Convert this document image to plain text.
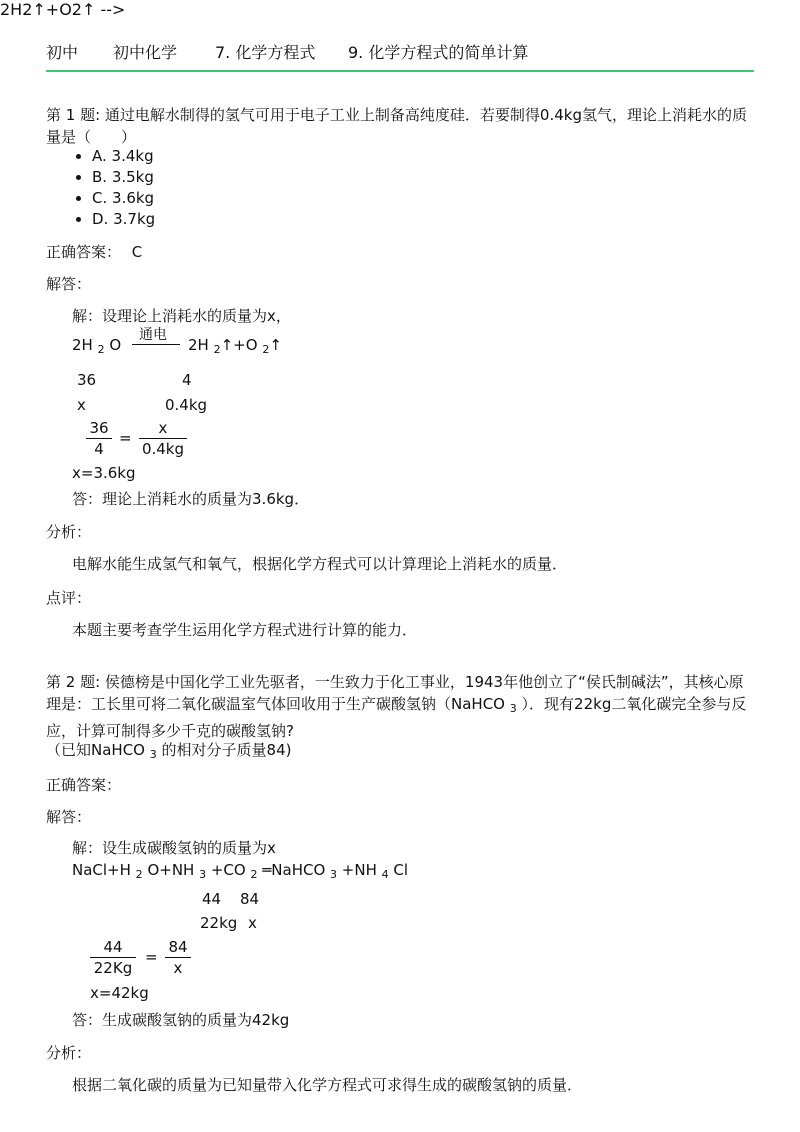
初中 初中化学 7. 化学方程式 9. 化学方程式的简单计算
第 1 题: 通过电解水制得的氢气可用于电子工业上制备高纯度硅．若要制得0.4kg氢气，理论上消耗水的质量是（　　）
• A. 3.4kg
• B. 3.5kg
• C. 3.6kg
• D. 3.7kg
正确答案： C
解答：
解：设理论上消耗水的质量为x，
2H2↑+O2↑ -->
2H $_2$ O
通电
2H $_2$↑+O $_2$↑
36	4
x	0.4kg
$\frac{36}{4} = \frac{x}{0.4kg}$
x=3.6kg
答：理论上消耗水的质量为3.6kg．
分析：
电解水能生成氢气和氧气，根据化学方程式可以计算理论上消耗水的质量．
点评：
本题主要考查学生运用化学方程式进行计算的能力．
第 2 题: 侯德榜是中国化学工业先驱者，一生致力于化工事业，1943年他创立了“侯氏制碱法”，其核心原理是：工长里可将二氧化碳温室气体回收用于生产碳酸氢钠（NaHCO $_3$ ）．现有22kg二氧化碳完全参与反应，计算可制得多少千克的碳酸氢钠?
（已知NaHCO $_3$ 的相对分子质量84)
正确答案：
解答：
解：设生成碳酸氢钠的质量为x
NaCl+H $_2$ O+NH $_3$ +CO $_2$ ═NaHCO $_3$ +NH $_4$ Cl
44 84
22kg x
$\frac{44}{22Kg} = \frac{84}{x}$
x=42kg
答：生成碳酸氢钠的质量为42kg
分析：
根据二氧化碳的质量为已知量带入化学方程式可求得生成的碳酸氢钠的质量．
